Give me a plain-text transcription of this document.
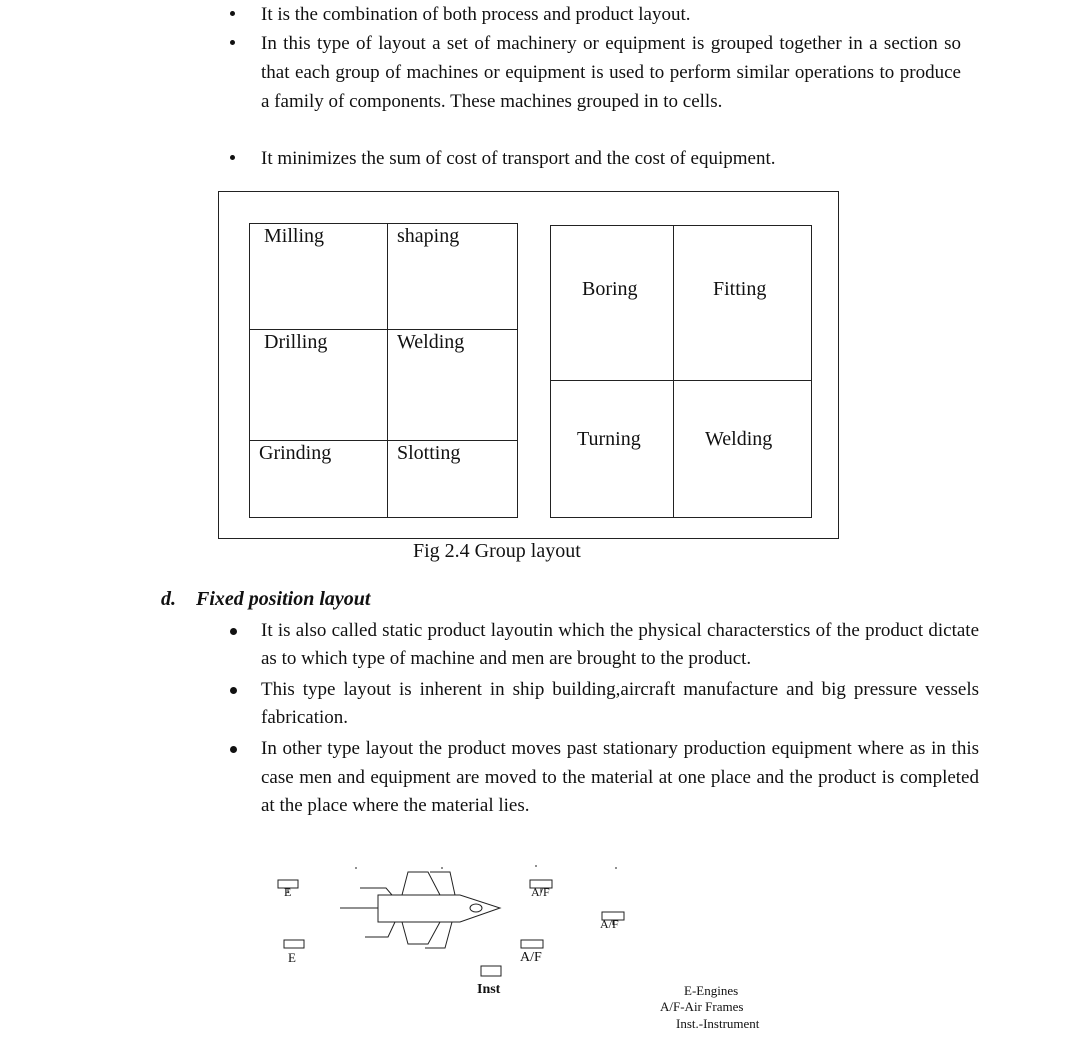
It is the combination of both process and product layout.
In this type of layout a set of machinery or equipment is grouped together in a section so that each group of machines or equipment is used to perform similar operations to produce a family of components. These machines grouped in to cells.
It minimizes the sum of cost of transport and the cost of equipment.
Milling	shaping
Drilling	Welding
Grinding	Slotting
Boring	Fitting
Turning	Welding
Fig 2.4 Group layout
d. Fixed position layout
It is also called static product layoutin which the physical characterstics of the product dictate as to which type of machine and men are brought to the product.
This type layout is inherent in ship building,aircraft manufacture and big pressure vessels fabrication.
In other type layout the product moves past stationary production equipment where as in this case men and equipment are moved to the material at one place and the product is completed at the place where the material lies.
E
E
A/F
A/F
A/F
Inst	E-Engines
A/F-Air Frames
Inst.-Instrument
